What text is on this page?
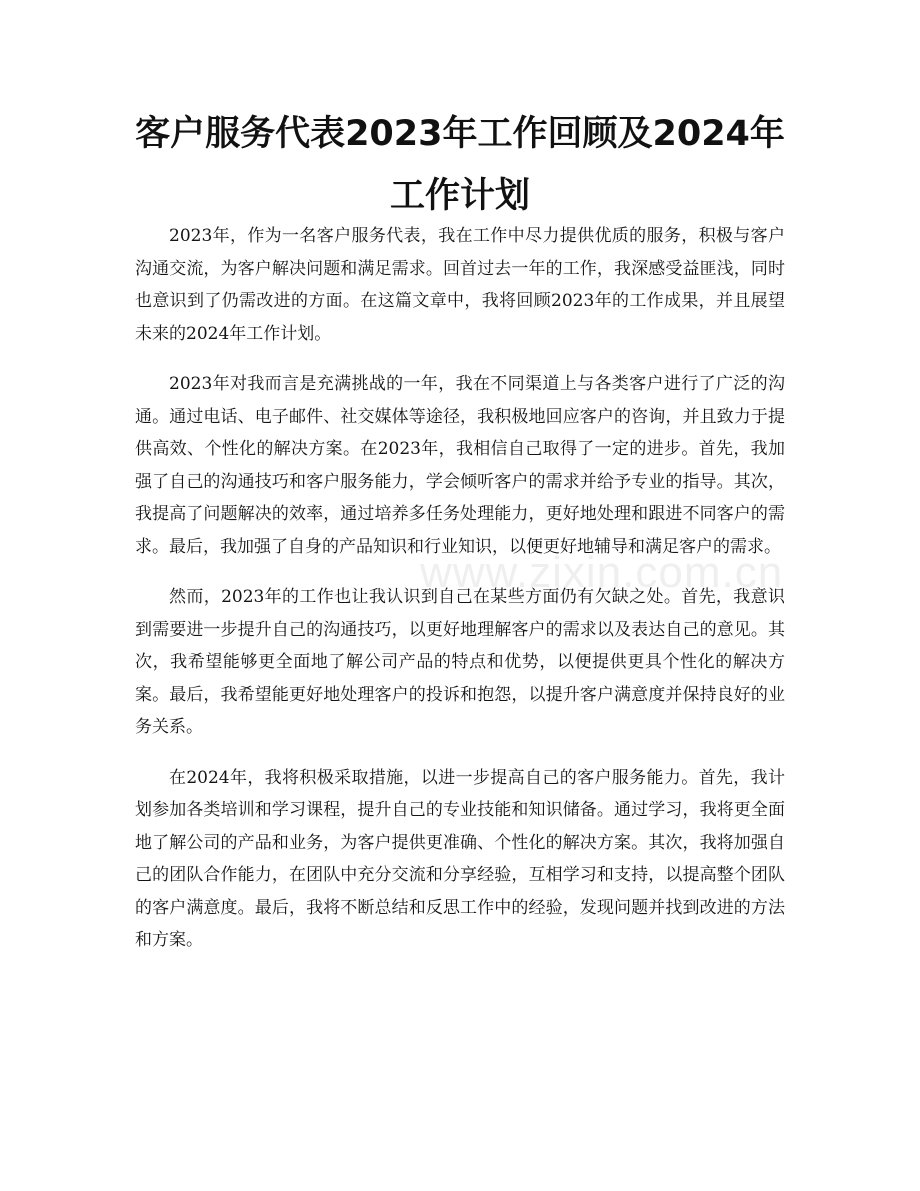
客户服务代表2023年工作回顾及2024年工作计划

2023年，作为一名客户服务代表，我在工作中尽力提供优质的服务，积极与客户沟通交流，为客户解决问题和满足需求。回首过去一年的工作，我深感受益匪浅，同时也意识到了仍需改进的方面。在这篇文章中，我将回顾2023年的工作成果，并且展望未来的2024年工作计划。

2023年对我而言是充满挑战的一年，我在不同渠道上与各类客户进行了广泛的沟通。通过电话、电子邮件、社交媒体等途径，我积极地回应客户的咨询，并且致力于提供高效、个性化的解决方案。在2023年，我相信自己取得了一定的进步。首先，我加强了自己的沟通技巧和客户服务能力，学会倾听客户的需求并给予专业的指导。其次，我提高了问题解决的效率，通过培养多任务处理能力，更好地处理和跟进不同客户的需求。最后，我加强了自身的产品知识和行业知识，以便更好地辅导和满足客户的需求。

然而，2023年的工作也让我认识到自己在某些方面仍有欠缺之处。首先，我意识到需要进一步提升自己的沟通技巧，以更好地理解客户的需求以及表达自己的意见。其次，我希望能够更全面地了解公司产品的特点和优势，以便提供更具个性化的解决方案。最后，我希望能更好地处理客户的投诉和抱怨，以提升客户满意度并保持良好的业务关系。

在2024年，我将积极采取措施，以进一步提高自己的客户服务能力。首先，我计划参加各类培训和学习课程，提升自己的专业技能和知识储备。通过学习，我将更全面地了解公司的产品和业务，为客户提供更准确、个性化的解决方案。其次，我将加强自己的团队合作能力，在团队中充分交流和分享经验，互相学习和支持，以提高整个团队的客户满意度。最后，我将不断总结和反思工作中的经验，发现问题并找到改进的方法和方案。

www.zixin.com.cn
